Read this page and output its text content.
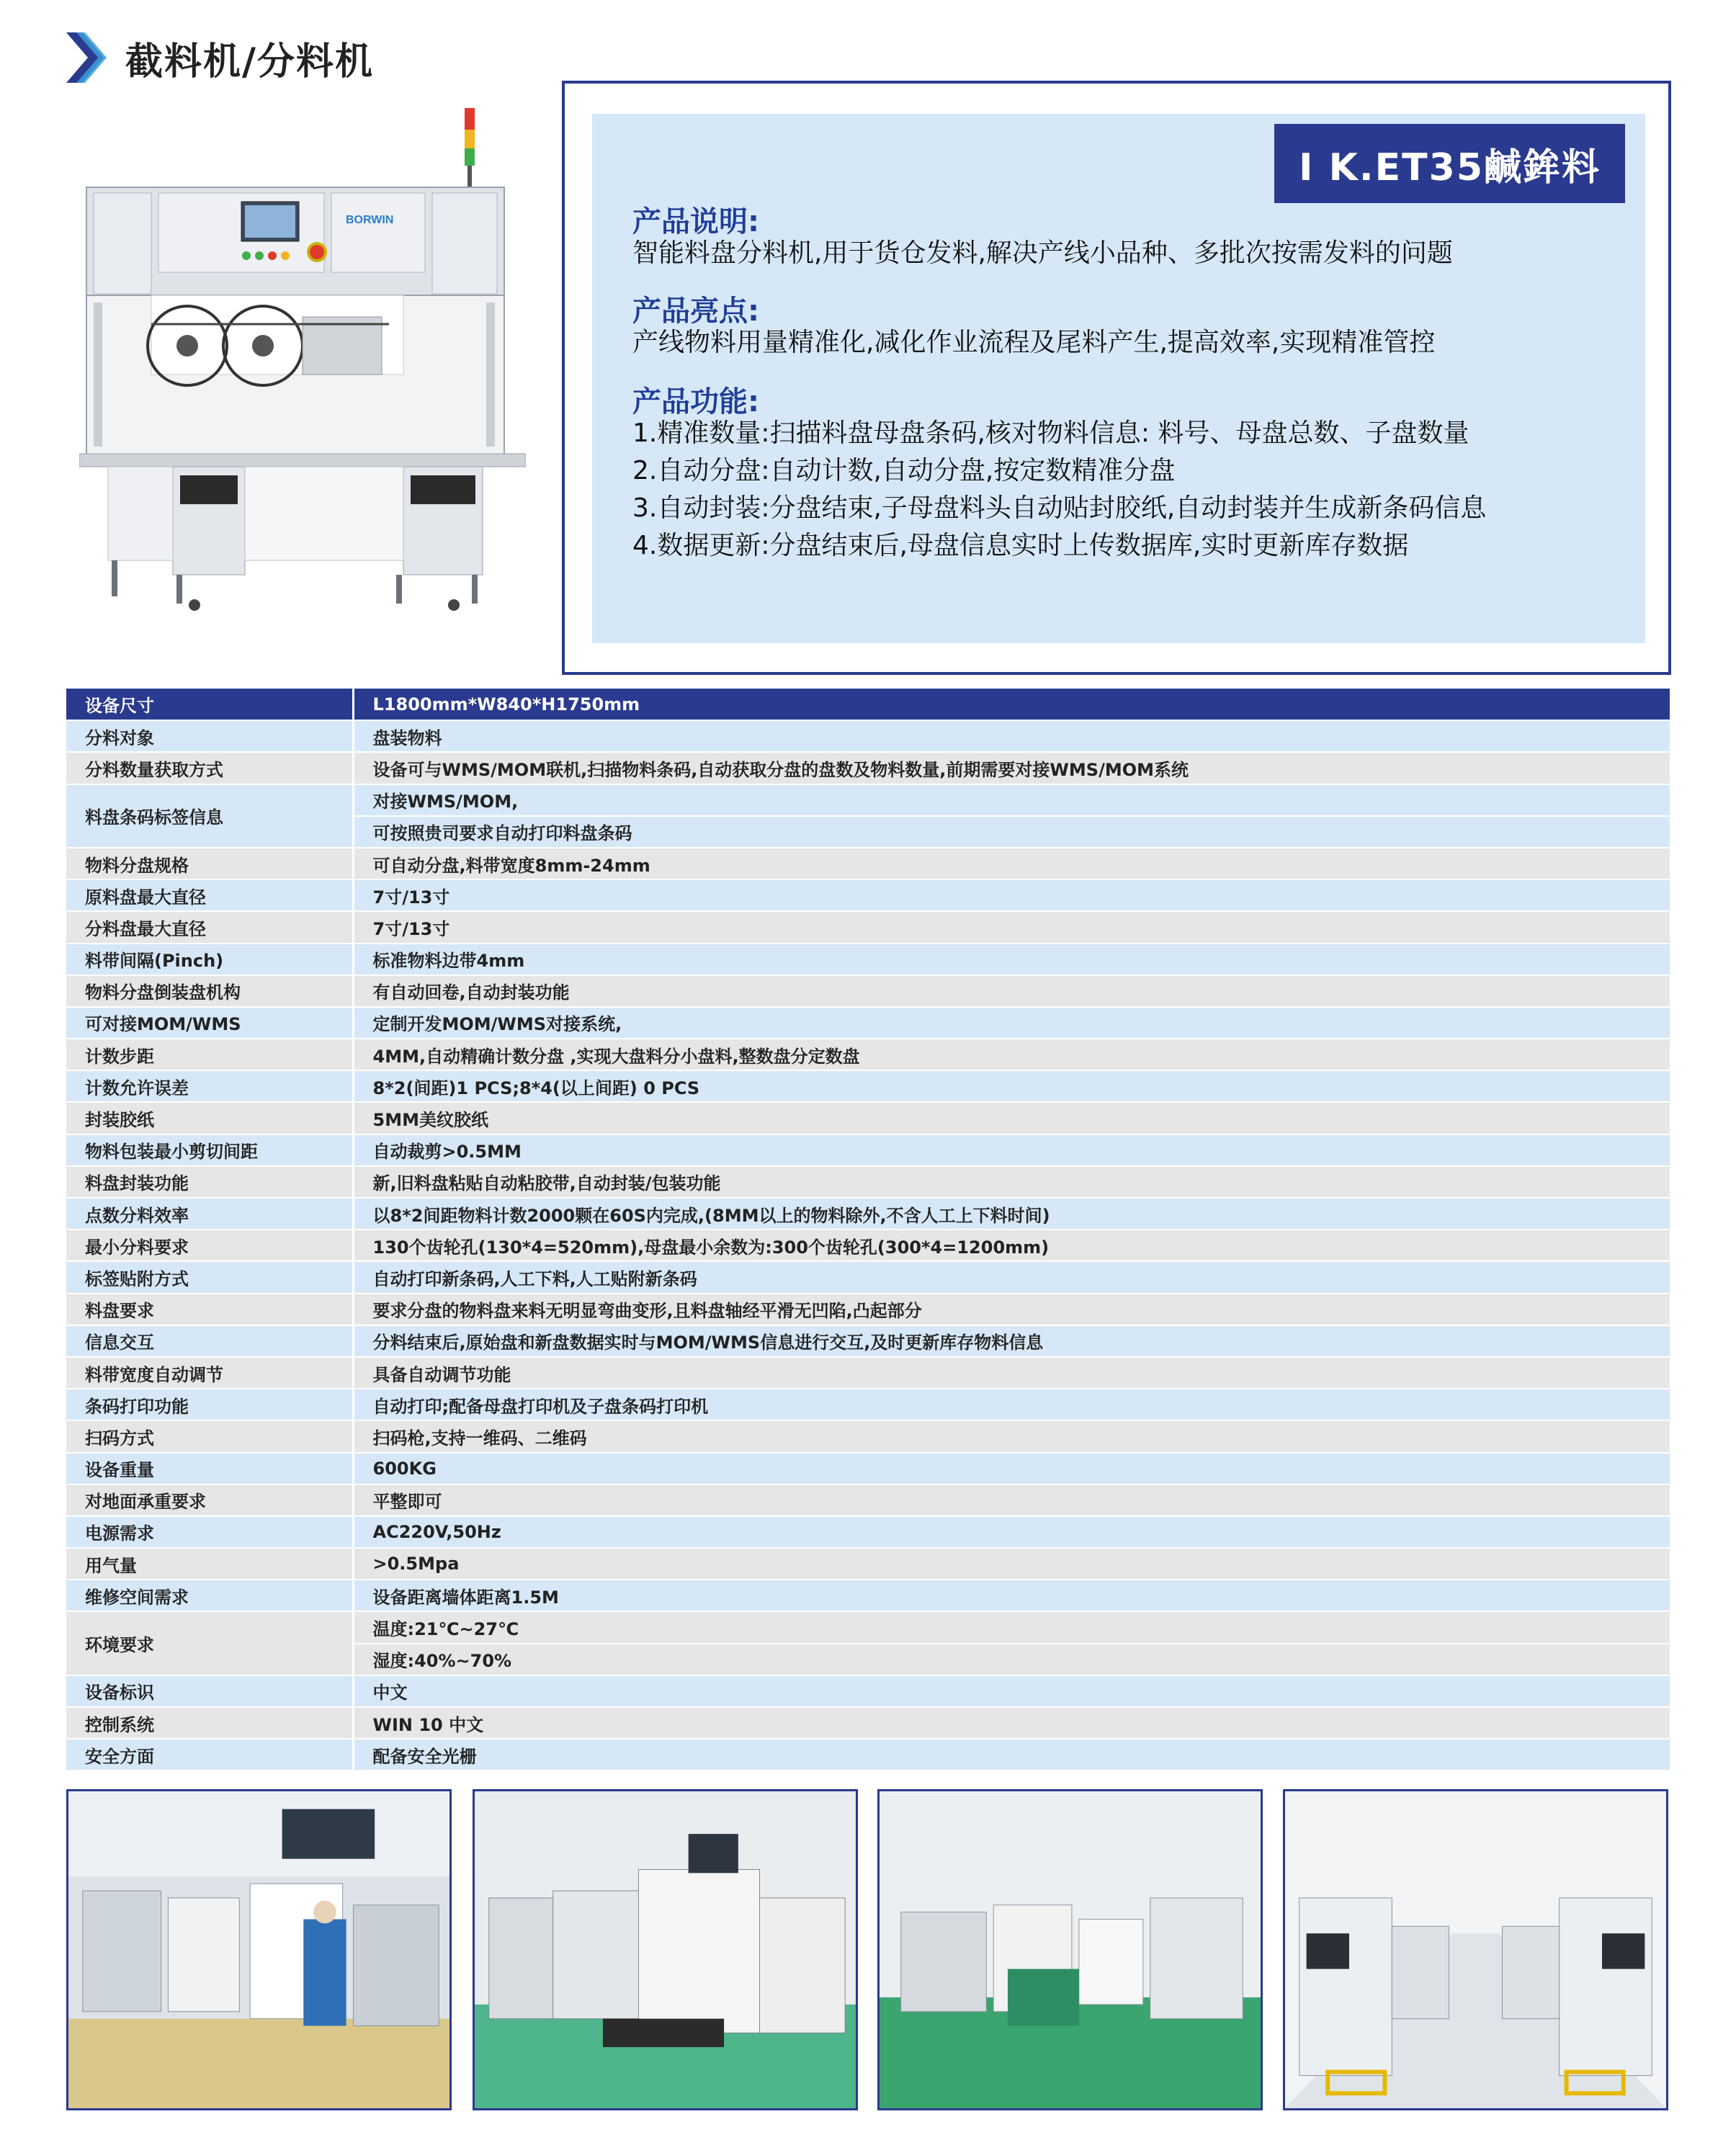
截料机/分料机
BORWIN
I K.ET35鹹鉾料
产品说明:
智能料盘分料机,用于货仓发料,解决产线小品种、多批次按需发料的问题
产品亮点:
产线物料用量精准化,减化作业流程及尾料产生,提高效率,实现精准管控
产品功能:
1.精准数量:扫描料盘母盘条码,核对物料信息: 料号、母盘总数、子盘数量
2.自动分盘:自动计数,自动分盘,按定数精准分盘
3.自动封装:分盘结束,子母盘料头自动贴封胶纸,自动封装并生成新条码信息
4.数据更新:分盘结束后,母盘信息实时上传数据库,实时更新库存数据
设备尺寸	L1800mm*W840*H1750mm
分料对象	盘装物料
分料数量获取方式	设备可与WMS/MOM联机,扫描物料条码,自动获取分盘的盘数及物料数量,前期需要对接WMS/MOM系统
料盘条码标签信息	对接WMS/MOM,
	可按照贵司要求自动打印料盘条码
物料分盘规格	可自动分盘,料带宽度8mm-24mm
原料盘最大直径	7寸/13寸
分料盘最大直径	7寸/13寸
料带间隔(Pinch)	标准物料边带4mm
物料分盘倒装盘机构	有自动回卷,自动封装功能
可对接MOM/WMS	定制开发MOM/WMS对接系统,
计数步距	4MM,自动精确计数分盘 ,实现大盘料分小盘料,整数盘分定数盘
计数允许误差	8*2(间距)1 PCS;8*4(以上间距) 0 PCS
封装胶纸	5MM美纹胶纸
物料包装最小剪切间距	自动裁剪>0.5MM
料盘封装功能	新,旧料盘粘贴自动粘胶带,自动封装/包装功能
点数分料效率	以8*2间距物料计数2000颗在60S内完成,(8MM以上的物料除外,不含人工上下料时间)
最小分料要求	130个齿轮孔(130*4=520mm),母盘最小余数为:300个齿轮孔(300*4=1200mm)
标签贴附方式	自动打印新条码,人工下料,人工贴附新条码
料盘要求	要求分盘的物料盘来料无明显弯曲变形,且料盘轴经平滑无凹陷,凸起部分
信息交互	分料结束后,原始盘和新盘数据实时与MOM/WMS信息进行交互,及时更新库存物料信息
料带宽度自动调节	具备自动调节功能
条码打印功能	自动打印;配备母盘打印机及子盘条码打印机
扫码方式	扫码枪,支持一维码、二维码
设备重量	600KG
对地面承重要求	平整即可
电源需求	AC220V,50Hz
用气量	>0.5Mpa
维修空间需求	设备距离墙体距离1.5M
环境要求	温度:21℃~27℃
	湿度:40%~70%
设备标识	中文
控制系统	WIN 10 中文
安全方面	配备安全光栅
